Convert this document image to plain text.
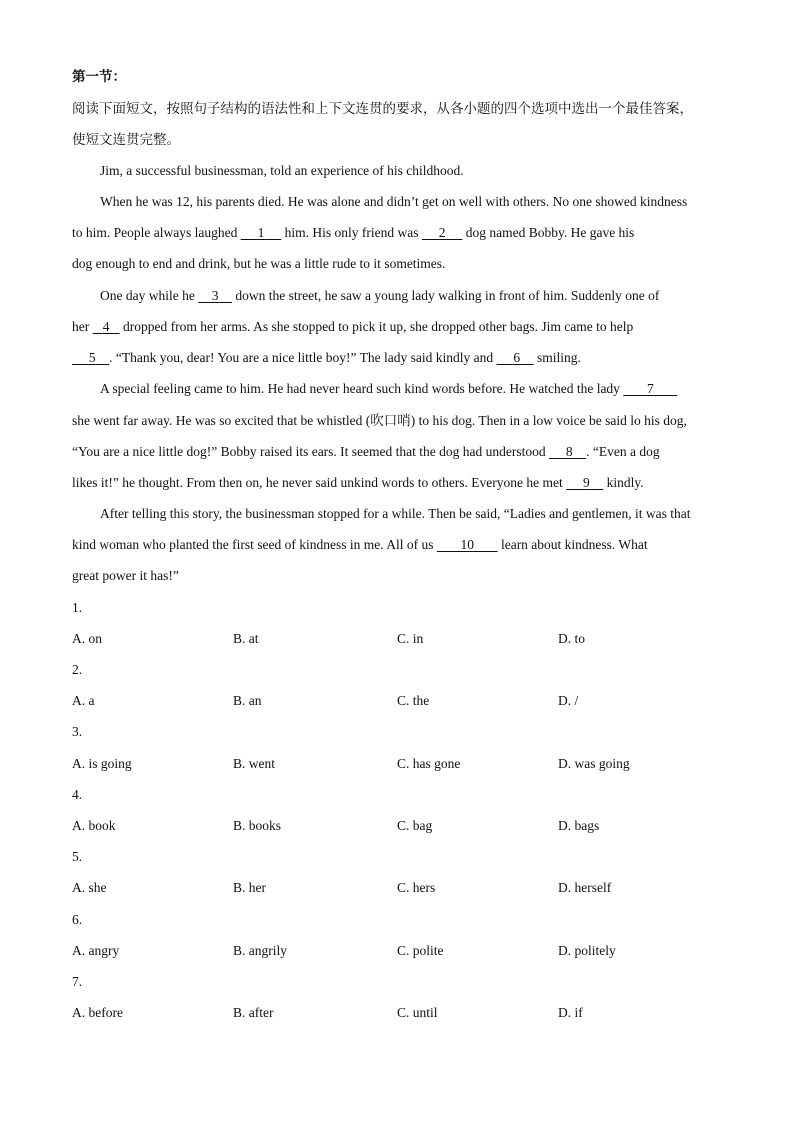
第一节：
阅读下面短文，按照句子结构的语法性和上下文连贯的要求，从各小题的四个选项中选出一个最佳答案，
使短文连贯完整。
Jim, a successful businessman, told an experience of his childhood.
When he was 12, his parents died. He was alone and didn’t get on well with others. No one showed kindness
to him. People always laughed      1      him. His only friend was      2      dog named Bobby. He gave his
dog enough to end and drink, but he was a little rude to it sometimes.
One day while he     3     down the street, he saw a young lady walking in front of him. Suddenly one of
her    4    dropped from her arms. As she stopped to pick it up, she dropped other bags. Jim came to help
5 . “Thank you, dear! You are a nice little boy!” The lady said kindly and      6     smiling.
A special feeling came to him. He had never heard such kind words before. He watched the lady        7
she went far away. He was so excited that be whistled (吹口哨) to his dog. Then in a low voice be said lo his dog,
“You are a nice little dog!” Bobby raised its ears. It seemed that the dog had understood      8 . “Even a dog
likes it!” he thought. From then on, he never said unkind words to others. Everyone he met      9     kindly.
After telling this story, the businessman stopped for a while. Then be said, “Ladies and gentlemen, it was that
kind woman who planted the first seed of kindness in me. All of us        10        learn about kindness. What
great power it has!”
1.
A. on	B. at	C. in	D. to
2.
A. a	B. an	C. the	D. /
3.
A. is going	B. went	C. has gone	D. was going
4.
A. book	B. books	C. bag	D. bags
5.
A. she	B. her	C. hers	D. herself
6.
A. angry	B. angrily	C. polite	D. politely
7.
A. before	B. after	C. until	D. if
